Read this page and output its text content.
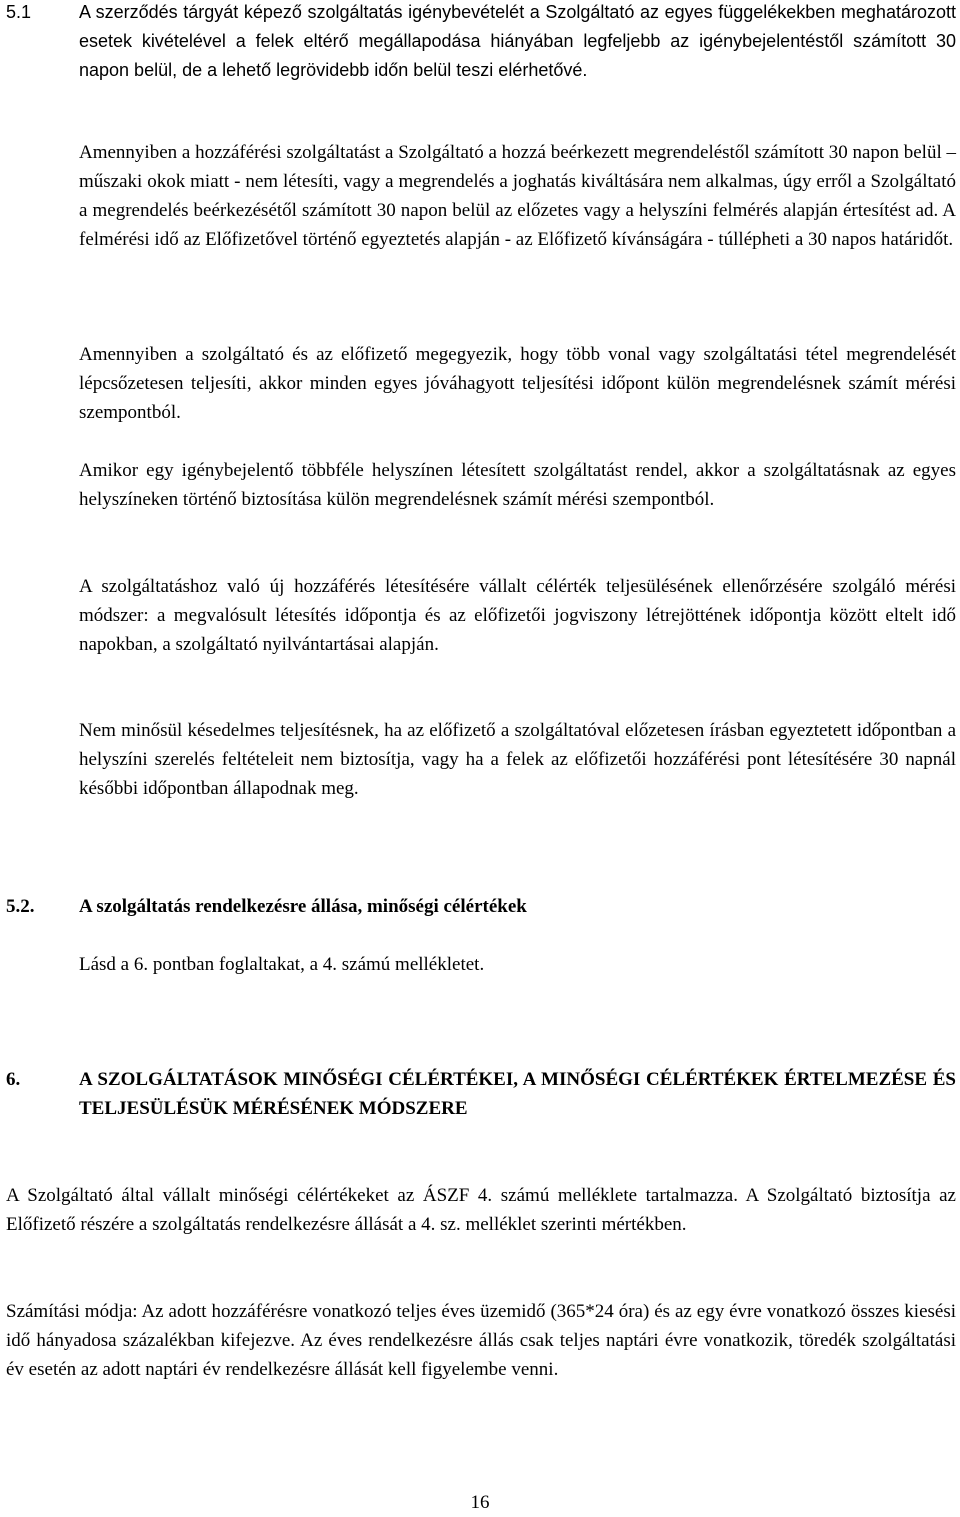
5.1	A szerződés tárgyát képező szolgáltatás igénybevételét a Szolgáltató az egyes függelékekben meghatározott esetek kivételével a felek eltérő megállapodása hiányában legfeljebb az igénybejelentéstől számított 30 napon belül, de a lehető legrövidebb időn belül teszi elérhetővé.

Amennyiben a hozzáférési szolgáltatást a Szolgáltató a hozzá beérkezett megrendeléstől számított 30 napon belül – műszaki okok miatt - nem létesíti, vagy a megrendelés a joghatás kiváltására nem alkalmas, úgy erről a Szolgáltató a megrendelés beérkezésétől számított 30 napon belül az előzetes vagy a helyszíni felmérés alapján értesítést ad. A felmérési idő az Előfizetővel történő egyeztetés alapján - az Előfizető kívánságára - túllépheti a 30 napos határidőt.

Amennyiben a szolgáltató és az előfizető megegyezik, hogy több vonal vagy szolgáltatási tétel megrendelését lépcsőzetesen teljesíti, akkor minden egyes jóváhagyott teljesítési időpont külön megrendelésnek számít mérési szempontból.

Amikor egy igénybejelentő többféle helyszínen létesített szolgáltatást rendel, akkor a szolgáltatásnak az egyes helyszíneken történő biztosítása külön megrendelésnek számít mérési szempontból.

A szolgáltatáshoz való új hozzáférés létesítésére vállalt célérték teljesülésének ellenőrzésére szolgáló mérési módszer: a megvalósult létesítés időpontja és az előfizetői jogviszony létrejöttének időpontja között eltelt idő napokban, a szolgáltató nyilvántartásai alapján.

Nem minősül késedelmes teljesítésnek, ha az előfizető a szolgáltatóval előzetesen írásban egyeztetett időpontban a helyszíni szerelés feltételeit nem biztosítja, vagy ha a felek az előfizetői hozzáférési pont létesítésére 30 napnál későbbi időpontban állapodnak meg.

5.2. A szolgáltatás rendelkezésre állása, minőségi célértékek

Lásd a 6. pontban foglaltakat, a 4. számú mellékletet.

6.	A SZOLGÁLTATÁSOK MINŐSÉGI CÉLÉRTÉKEI, A MINŐSÉGI CÉLÉRTÉKEK ÉRTELMEZÉSE ÉS TELJESÜLÉSÜK MÉRÉSÉNEK MÓDSZERE

A Szolgáltató által vállalt minőségi célértékeket az ÁSZF 4. számú melléklete tartalmazza. A Szolgáltató biztosítja az Előfizető részére a szolgáltatás rendelkezésre állását a 4. sz. melléklet szerinti mértékben.

Számítási módja: Az adott hozzáférésre vonatkozó teljes éves üzemidő (365*24 óra) és az egy évre vonatkozó összes kiesési idő hányadosa százalékban kifejezve. Az éves rendelkezésre állás csak teljes naptári évre vonatkozik, töredék szolgáltatási év esetén az adott naptári év rendelkezésre állását kell figyelembe venni.

16
